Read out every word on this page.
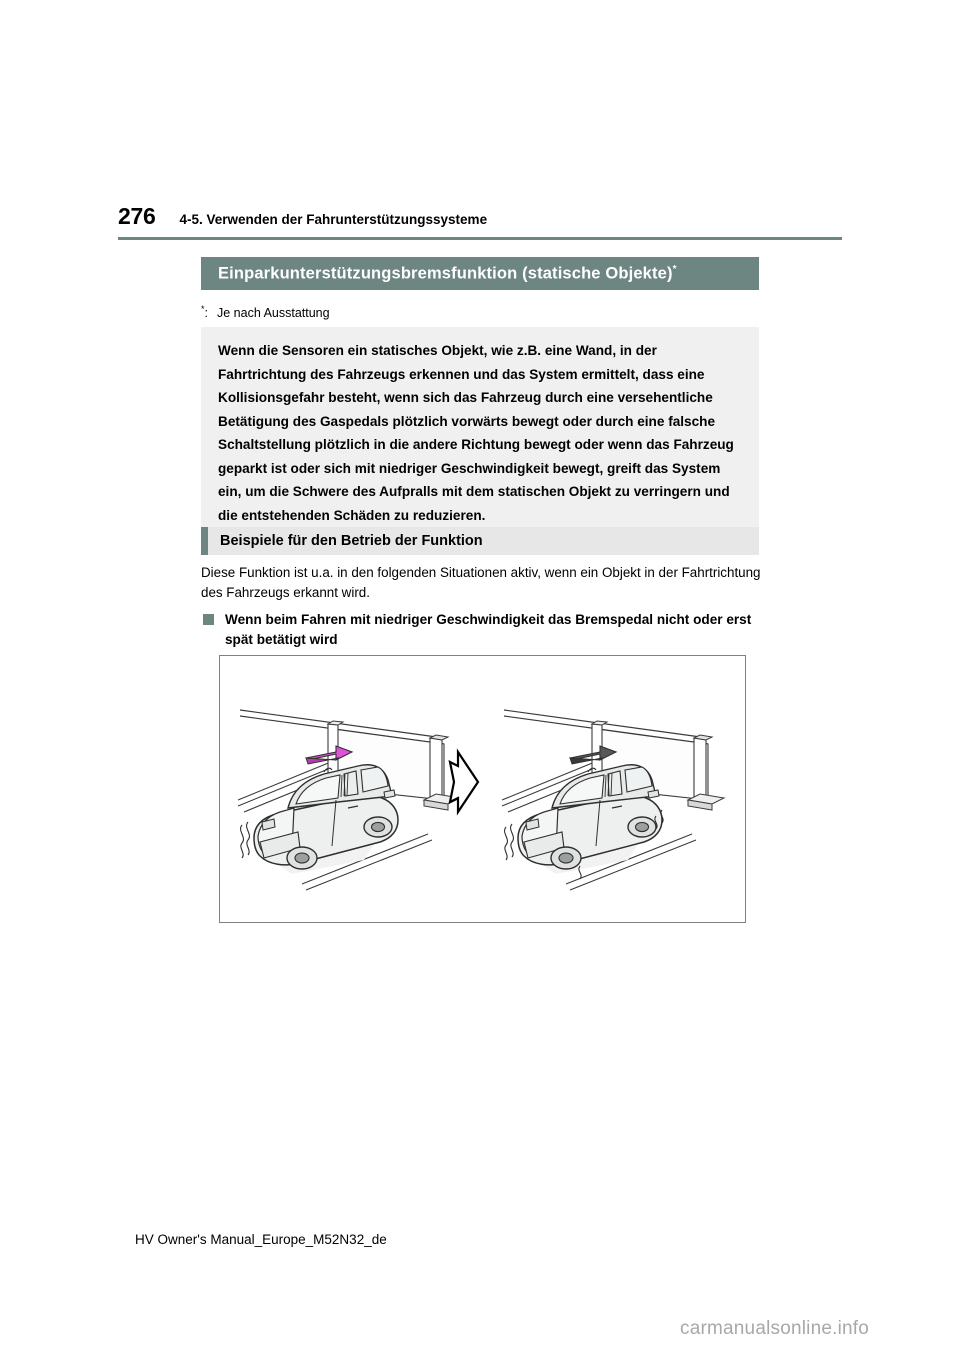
276 4-5. Verwenden der Fahrunterstützungssysteme
Einparkunterstützungsbremsfunktion (statische Objekte)*
*: Je nach Ausstattung

Wenn die Sensoren ein statisches Objekt, wie z.B. eine Wand, in der Fahrtrichtung des Fahrzeugs erkennen und das System ermittelt, dass eine Kollisionsgefahr besteht, wenn sich das Fahrzeug durch eine versehentliche Betätigung des Gaspedals plötzlich vorwärts bewegt oder durch eine falsche Schaltstellung plötzlich in die andere Richtung bewegt oder wenn das Fahrzeug geparkt ist oder sich mit niedriger Geschwindigkeit bewegt, greift das System ein, um die Schwere des Aufpralls mit dem statischen Objekt zu verringern und die entstehenden Schäden zu reduzieren.

Beispiele für den Betrieb der Funktion
Diese Funktion ist u.a. in den folgenden Situationen aktiv, wenn ein Objekt in der Fahrtrichtung des Fahrzeugs erkannt wird.
Wenn beim Fahren mit niedriger Geschwindigkeit das Bremspedal nicht oder erst spät betätigt wird
HV Owner's Manual_Europe_M52N32_de
carmanualsonline.info
